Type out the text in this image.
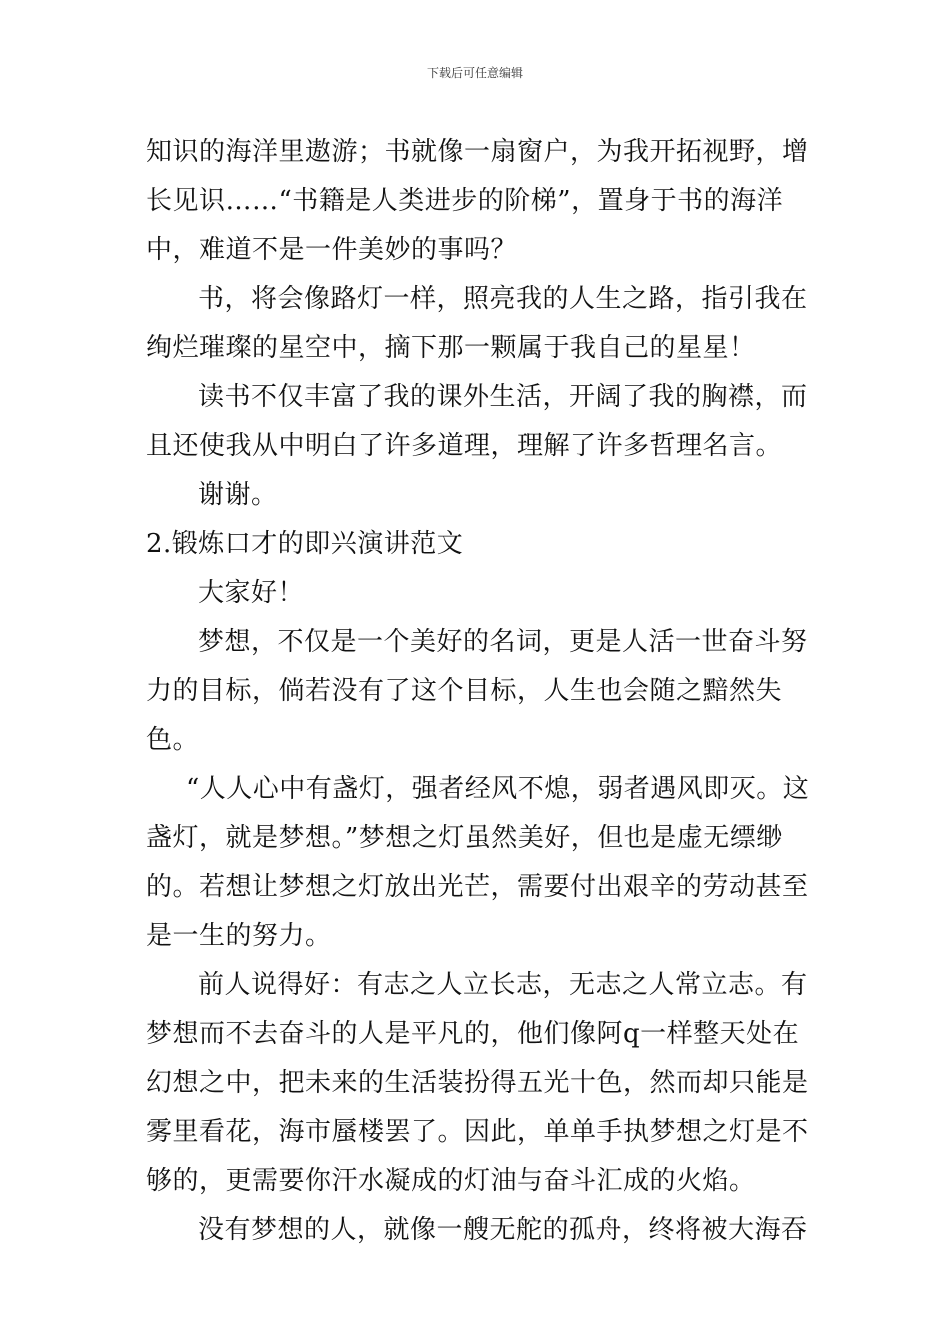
下载后可任意编辑

知识的海洋里遨游；书就像一扇窗户，为我开拓视野，增长见识……“书籍是人类进步的阶梯”，置身于书的海洋中，难道不是一件美妙的事吗？

书，将会像路灯一样，照亮我的人生之路，指引我在绚烂璀璨的星空中，摘下那一颗属于我自己的星星！

读书不仅丰富了我的课外生活，开阔了我的胸襟，而且还使我从中明白了许多道理，理解了许多哲理名言。

谢谢。

2.锻炼口才的即兴演讲范文

大家好！

梦想，不仅是一个美好的名词，更是人活一世奋斗努力的目标，倘若没有了这个目标，人生也会随之黯然失色。

“人人心中有盏灯，强者经风不熄，弱者遇风即灭。这盏灯，就是梦想。”梦想之灯虽然美好，但也是虚无缥缈的。若想让梦想之灯放出光芒，需要付出艰辛的劳动甚至是一生的努力。

前人说得好：有志之人立长志，无志之人常立志。有梦想而不去奋斗的人是平凡的，他们像阿q一样整天处在幻想之中，把未来的生活装扮得五光十色，然而却只能是雾里看花，海市蜃楼罢了。因此，单单手执梦想之灯是不够的，更需要你汗水凝成的灯油与奋斗汇成的火焰。

没有梦想的人，就像一艘无舵的孤舟，终将被大海吞
